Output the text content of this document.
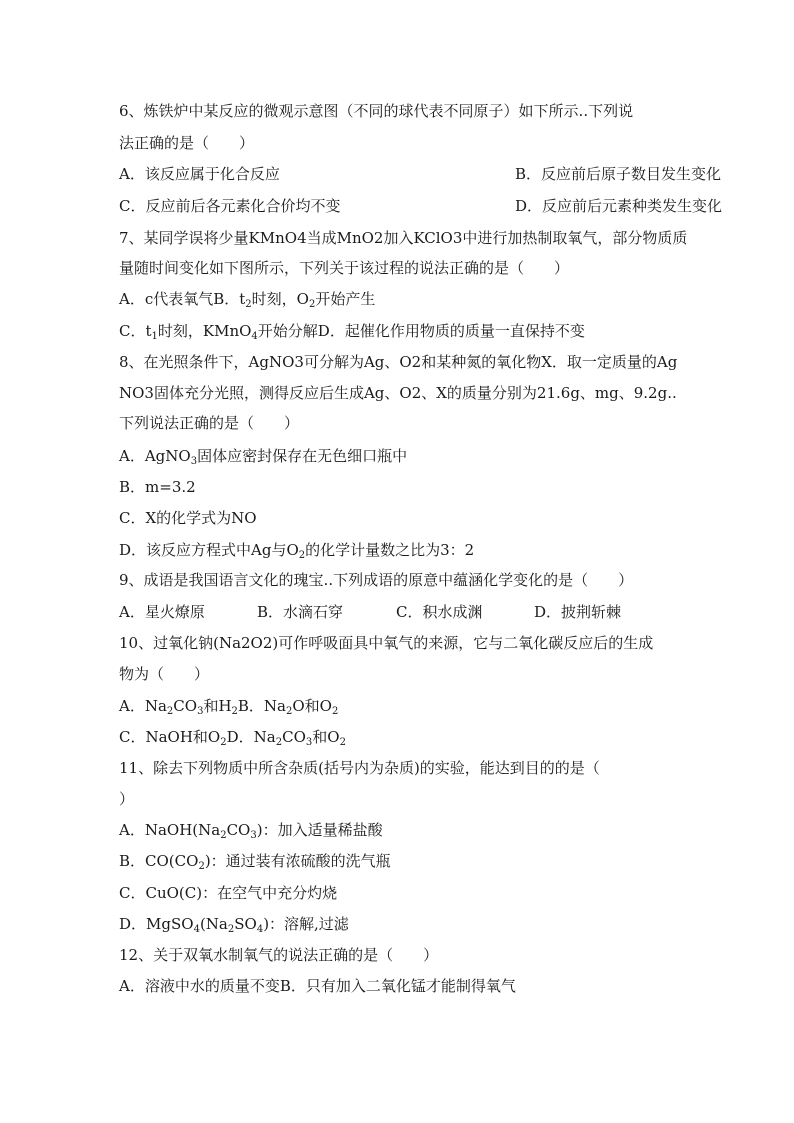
6、炼铁炉中某反应的微观示意图（不同的球代表不同原子）如下所示..下列说
法正确的是（　　）
A．该反应属于化合反应	B．反应前后原子数目发生变化
C．反应前后各元素化合价均不变	D．反应前后元素种类发生变化
7、某同学误将少量KMnO4当成MnO2加入KClO3中进行加热制取氧气，部分物质质
量随时间变化如下图所示，下列关于该过程的说法正确的是（　　）
A．c代表氧气B．$t_2$时刻，$O_2$开始产生
C．$t_1$时刻，KMnO$_4$开始分解D．起催化作用物质的质量一直保持不变
8、在光照条件下，AgNO3可分解为Ag、O2和某种氮的氧化物X．取一定质量的Ag
NO3固体充分光照，测得反应后生成Ag、O2、X的质量分别为21.6g、mg、9.2g..
下列说法正确的是（　　）
A．AgNO$_3$固体应密封保存在无色细口瓶中
B．m=3.2
C．X的化学式为NO
D．该反应方程式中Ag与$O_2$的化学计量数之比为3：2
9、成语是我国语言文化的瑰宝..下列成语的原意中蕴涵化学变化的是（　　）
A．星火燎原	B．水滴石穿	C．积水成渊	D．披荆斩棘
10、过氧化钠(Na2O2)可作呼吸面具中氧气的来源，它与二氧化碳反应后的生成
物为（　　）
A．$Na_2CO_3$和$H_2B$．$Na_2O$和$O_2$
C．NaOH和$O_2D$．$Na_2CO_3$和$O_2$
11、除去下列物质中所含杂质(括号内为杂质)的实验，能达到目的的是（
）
A．$NaOH(Na_2CO_3)$：加入适量稀盐酸
B．$CO(CO_2)$：通过装有浓硫酸的洗气瓶
C．CuO(C)：在空气中充分灼烧
D．$MgSO_4(Na_2SO_4)$：溶解,过滤
12、关于双氧水制氧气的说法正确的是（　　）
A．溶液中水的质量不变B．只有加入二氧化锰才能制得氧气
